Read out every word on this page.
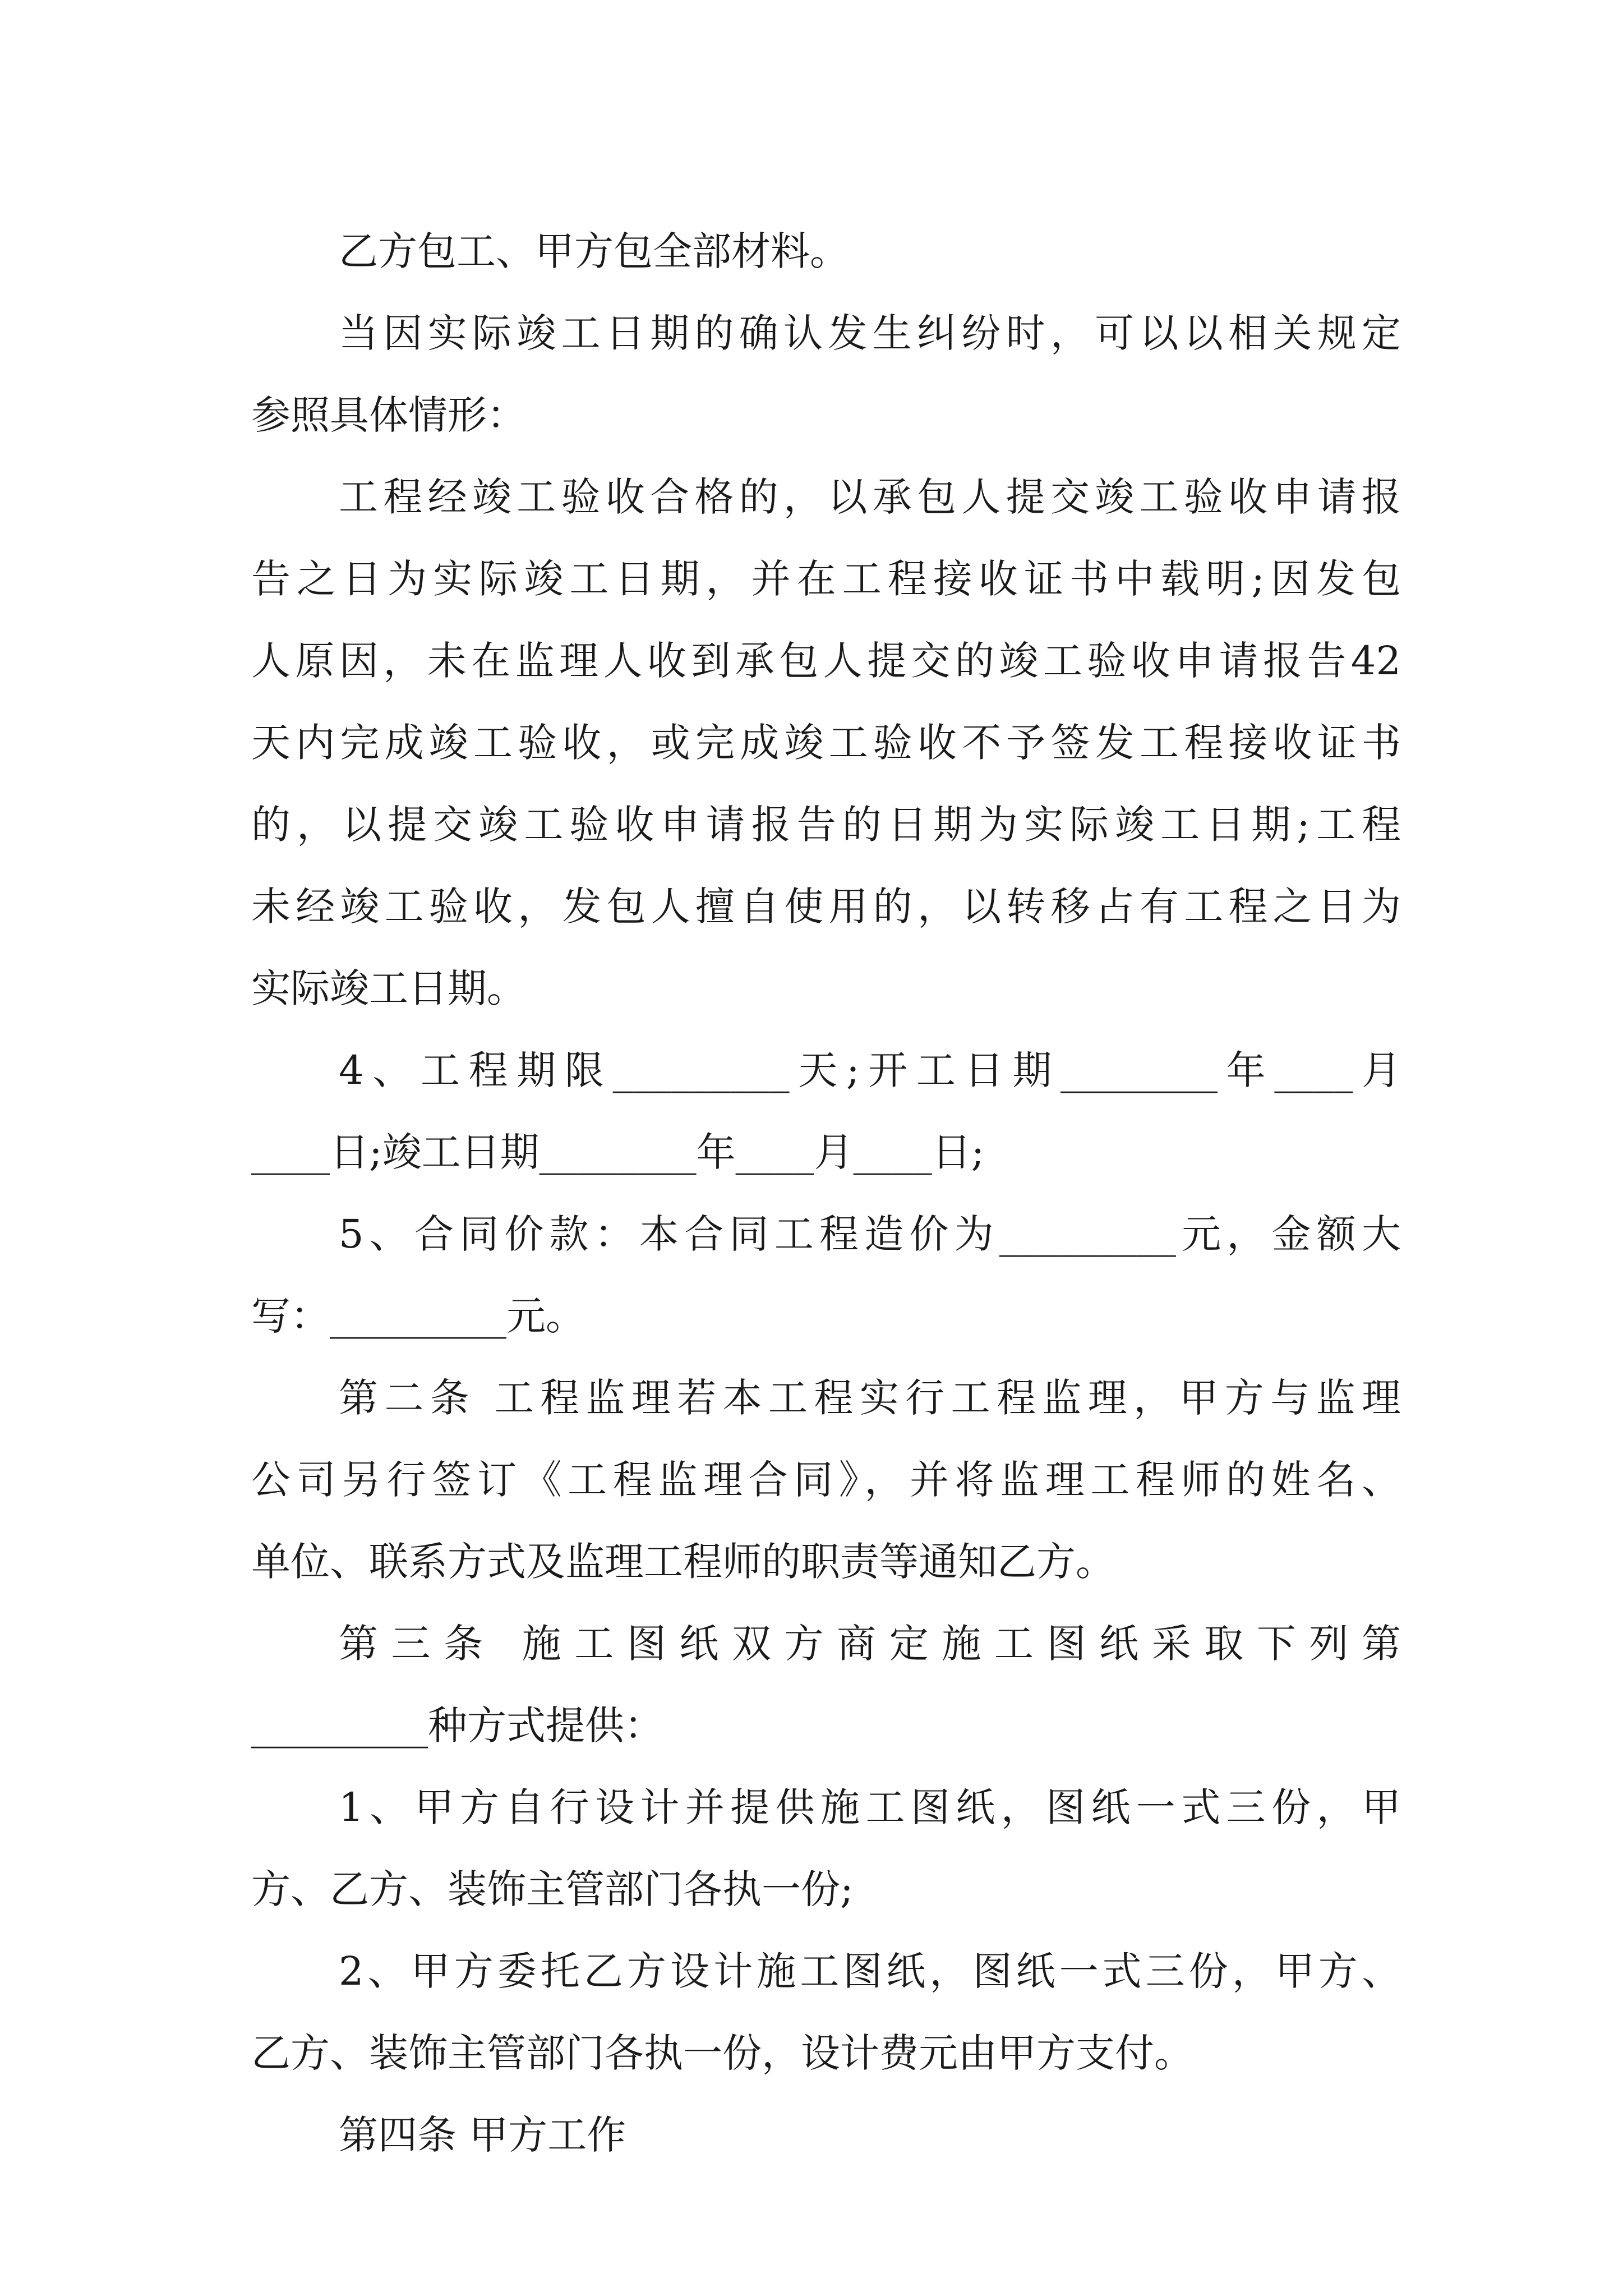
乙方包工、甲方包全部材料。
当因实际竣工日期的确认发生纠纷时，可以以相关规定
参照具体情形：
工程经竣工验收合格的，以承包人提交竣工验收申请报
告之日为实际竣工日期，并在工程接收证书中载明;因发包
人原因，未在监理人收到承包人提交的竣工验收申请报告42
天内完成竣工验收，或完成竣工验收不予签发工程接收证书
的，以提交竣工验收申请报告的日期为实际竣工日期;工程
未经竣工验收，发包人擅自使用的，以转移占有工程之日为
实际竣工日期。
4、工程期限_________天;开工日期________年____月
____日;竣工日期________年____月____日;
5、合同价款：本合同工程造价为_________元，金额大
写：_________元。
第二条 工程监理若本工程实行工程监理，甲方与监理
公司另行签订《工程监理合同》，并将监理工程师的姓名、
单位、联系方式及监理工程师的职责等通知乙方。
第三条 施工图纸双方商定施工图纸采取下列第
_________种方式提供：
1、甲方自行设计并提供施工图纸，图纸一式三份，甲
方、乙方、装饰主管部门各执一份;
2、甲方委托乙方设计施工图纸，图纸一式三份，甲方、
乙方、装饰主管部门各执一份，设计费元由甲方支付。
第四条 甲方工作
